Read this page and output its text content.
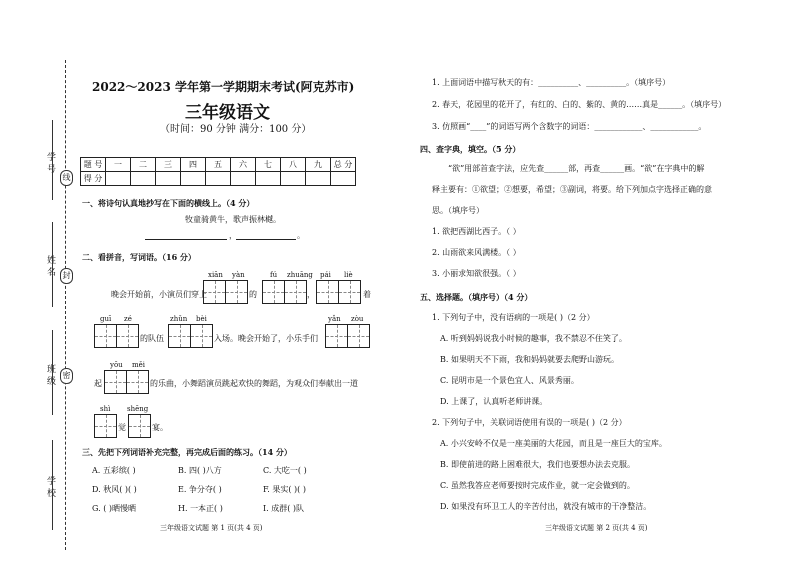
学 号
姓 名
班 级
学 校
线
封
密
2022～2023 学年第一学期期末考试(阿克苏市)
三年级语文
（时间：90 分钟 满分：100 分）
题 号	一	二	三	四	五	六	七	八	九	总 分
得 分										
一、将诗句认真地抄写在下面的横线上。（4 分）
牧童骑黄牛，歌声振林樾。
，	。
二、看拼音，写词语。（16 分）
xiān yàn	fú zhuāng pái liè
晚会开始前，小演员们穿上	的	，	着
guī zé	zhǔn bèi	yǎn zòu
的队伍	入场。晚会开始了，小乐手们
yōu měi
起	的乐曲，小舞蹈演员跳起欢快的舞蹈，为观众们奉献出一道
shì shēng
觉	宴。
三、先把下列词语补充完整，再完成后面的练习。（14 分）
A. 五彩缤( )	B. 四( )八方	C. 大吃一( )
D. 秋风( )( )	E. 争分夺( )	F. 果实( )( )
G. ( )晒慢晒	H. 一本正( )	I. 成群( )队
三年级语文试题 第 1 页(共 4 页)
1. 上面词语中描写秋天的有：__________、__________。（填序号）
2. 春天，花园里的花开了，有红的、白的、紫的、黄的……真是______。（填序号）
3. 仿照画“____”的词语写两个含数字的词语：____________、____________。
四、查字典，填空。（5 分）
“欲”用部首查字法，应先查______部，再查______画。“欲”在字典中的解
释主要有：①欲望；②想要，希望；③副词，将要。给下列加点字选择正确的意
思。（填序号）
1. 欲把西湖比西子。（ ）
2. 山雨欲来风满楼。（ ）
3. 小丽求知欲很强。（ ）
五、选择题。（填序号）（4 分）
1. 下列句子中，没有语病的一项是( )（2 分）
A. 听到妈妈说我小时候的趣事，我不禁忍不住笑了。
B. 如果明天不下雨，我和妈妈就要去爬野山游玩。
C. 昆明市是一个景色宜人、风景秀丽。
D. 上课了，认真听老师讲课。
2. 下列句子中，关联词语使用有误的一项是( )（2 分）
A. 小兴安岭不仅是一座美丽的大花园，而且是一座巨大的宝库。
B. 即使前进的路上困难很大，我们也要想办法去克服。
C. 虽然我答应老师要按时完成作业，就一定会做到的。
D. 如果没有环卫工人的辛苦付出，就没有城市的干净整洁。
三年级语文试题 第 2 页(共 4 页)
